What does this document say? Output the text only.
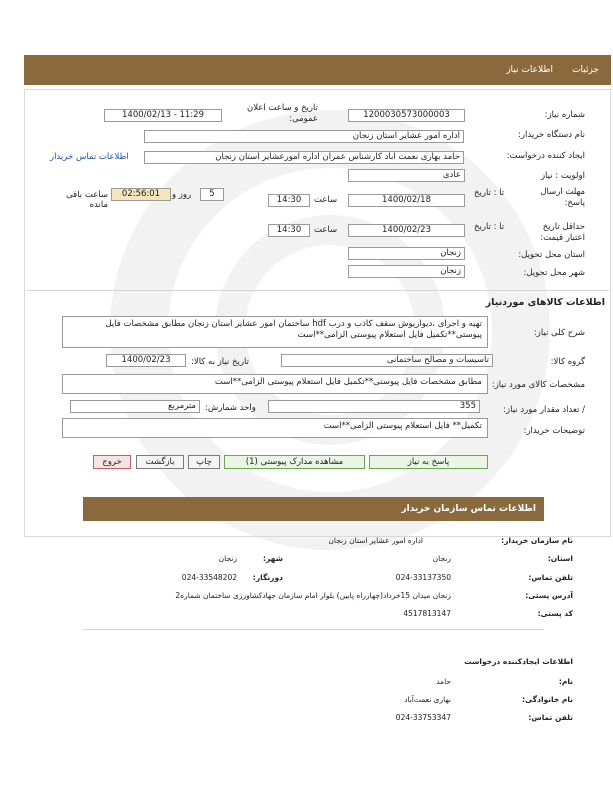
جزئیات
اطلاعات نیاز
شماره نیاز:
1200030573000003
تاریخ و ساعت اعلان عمومی:
1400/02/13 - 11:29
نام دستگاه خریدار:
اداره امور عشایر استان زنجان
ایجاد کننده درخواست:
حامد بهاری نعمت آباد کارشناس عمران اداره امورعشایر استان زنجان
اطلاعات تماس خریدار
اولویت : نیاز
عادی
مهلت ارسال پاسخ:
تا : تاریخ
1400/02/18
ساعت
14:30
5
روز و
02:56:01
ساعت باقی مانده
حداقل تاریخ اعتبار قیمت:
تا : تاریخ
1400/02/23
ساعت
14:30
استان محل تحویل:
زنجان
شهر محل تحویل:
زنجان
اطلاعات کالاهای موردنیاز
شرح کلی نیاز:
تهیه و اجرای ،دیوارپوش سقف کاذب و درب hdf ساختمان امور عشایر استان زنجان مطابق مشخصات فایل پیوستی**تکمیل فایل استعلام پیوستی الزامی**است
گروه کالا:
تاسیسات و مصالح ساختمانی
تاریخ نیاز به کالا:
1400/02/23
مشخصات کالای مورد نیاز:
مطابق مشخصات فایل پیوستی**تکمیل فایل استعلام پیوستی الزامی**است
/ تعداد مقدار مورد نیاز:
355
واحد شمارش:
مترمربع
توضیحات خریدار:
تکمیل** فایل استعلام پیوستی الزامی**است
پاسخ به نیاز
مشاهده مدارک پیوستی (1)
چاپ
بازگشت
خروج
اطلاعات تماس سازمان خریدار
نام سازمان خریدار:
اداره امور عشایر استان زنجان
استان:
زنجان
شهر:
زنجان
تلفن تماس:
024-33137350
دورنگار:
024-33548202
آدرس پستی:
زنجان میدان 15خرداد(چهارراه پایین) بلوار امام سازمان جهادکشاورزی ساختمان شماره2
کد پستی:
4517813147
اطلاعات ایجادکننده درخواست
نام:
حامد
نام خانوادگی:
بهاری نعمت‌آباد
تلفن تماس:
024-33753347
